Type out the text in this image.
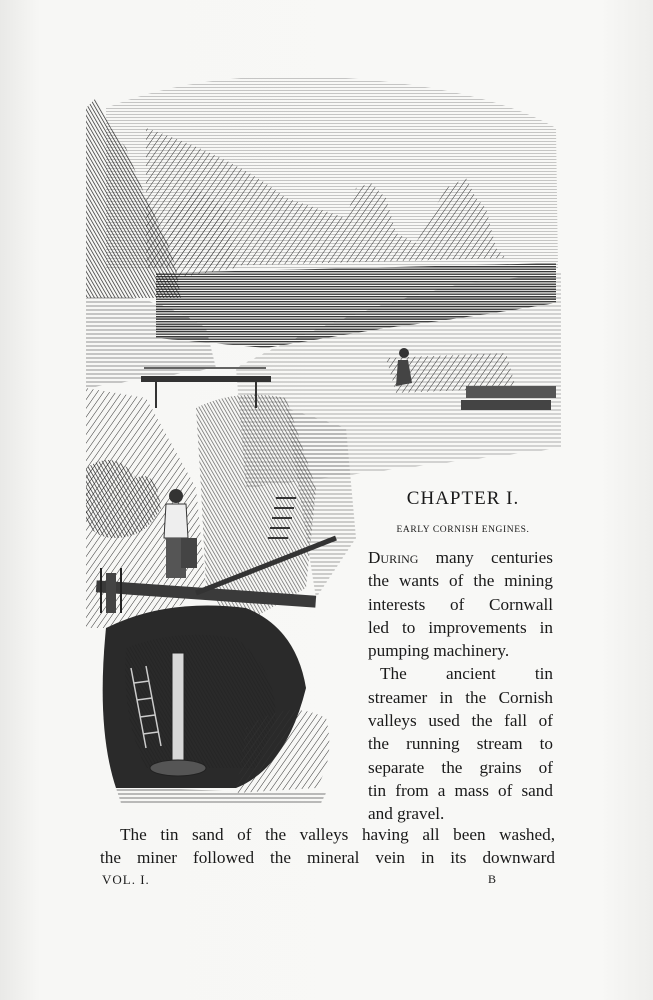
CHAPTER I.
EARLY CORNISH ENGINES.
During many centuries
the wants of the mining
interests of Cornwall
led to improvements in
pumping machinery.
The ancient tin
streamer in the Cornish
valleys used the fall of
the running stream to
separate the grains of
tin from a mass of sand
and gravel.
The tin sand of the valleys having all been washed,
the miner followed the mineral vein in its downward
VOL. I.	B
